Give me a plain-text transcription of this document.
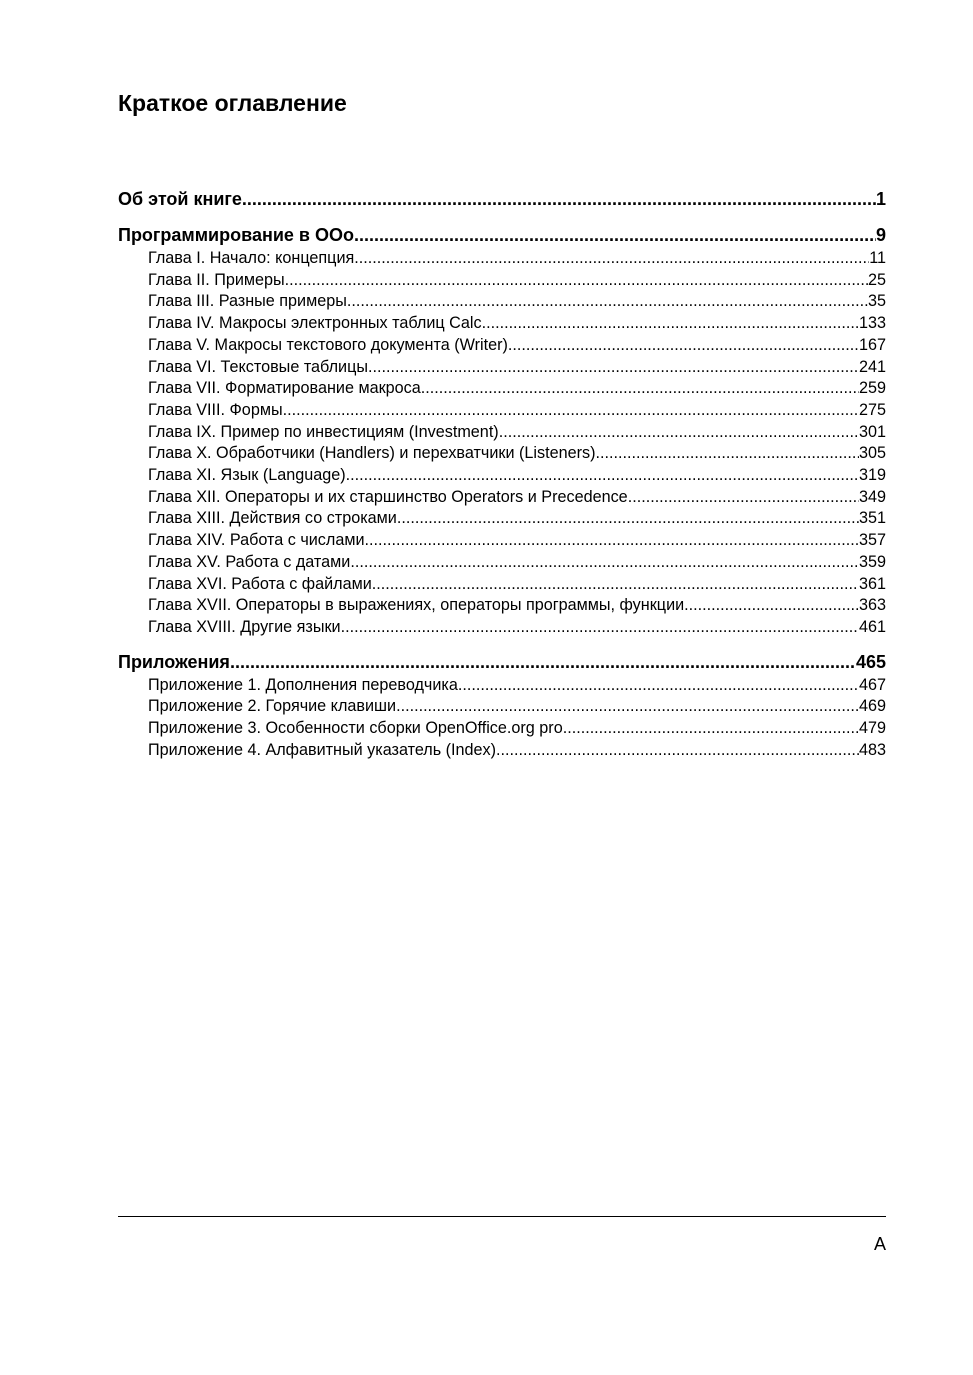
Краткое оглавление
Об этой книге .....	1
Программирование в OOo .....	9
Глава I. Начало: концепция .....	11
Глава II. Примеры .....	25
Глава III. Разные примеры .....	35
Глава IV. Макросы электронных таблиц Calc .....	133
Глава V. Макросы текстового документа (Writer) .....	167
Глава VI. Текстовые таблицы .....	241
Глава VII. Форматирование макроса .....	259
Глава VIII. Формы .....	275
Глава IX. Пример по инвестициям (Investment) .....	301
Глава X. Обработчики (Handlers) и перехватчики (Listeners) .....	305
Глава XI. Язык (Language) .....	319
Глава XII. Операторы и их старшинство Operators и Precedence .....	349
Глава XIII. Действия со строками .....	351
Глава XIV. Работа с числами .....	357
Глава XV. Работа с датами .....	359
Глава XVI. Работа с файлами .....	361
Глава XVII. Операторы в выражениях, операторы программы, функции .....	363
Глава XVIII. Другие языки .....	461
Приложения .....	465
Приложение 1. Дополнения переводчика .....	467
Приложение 2. Горячие клавиши .....	469
Приложение 3. Особенности сборки OpenOffice.org pro .....	479
Приложение 4. Алфавитный указатель (Index) .....	483
A
